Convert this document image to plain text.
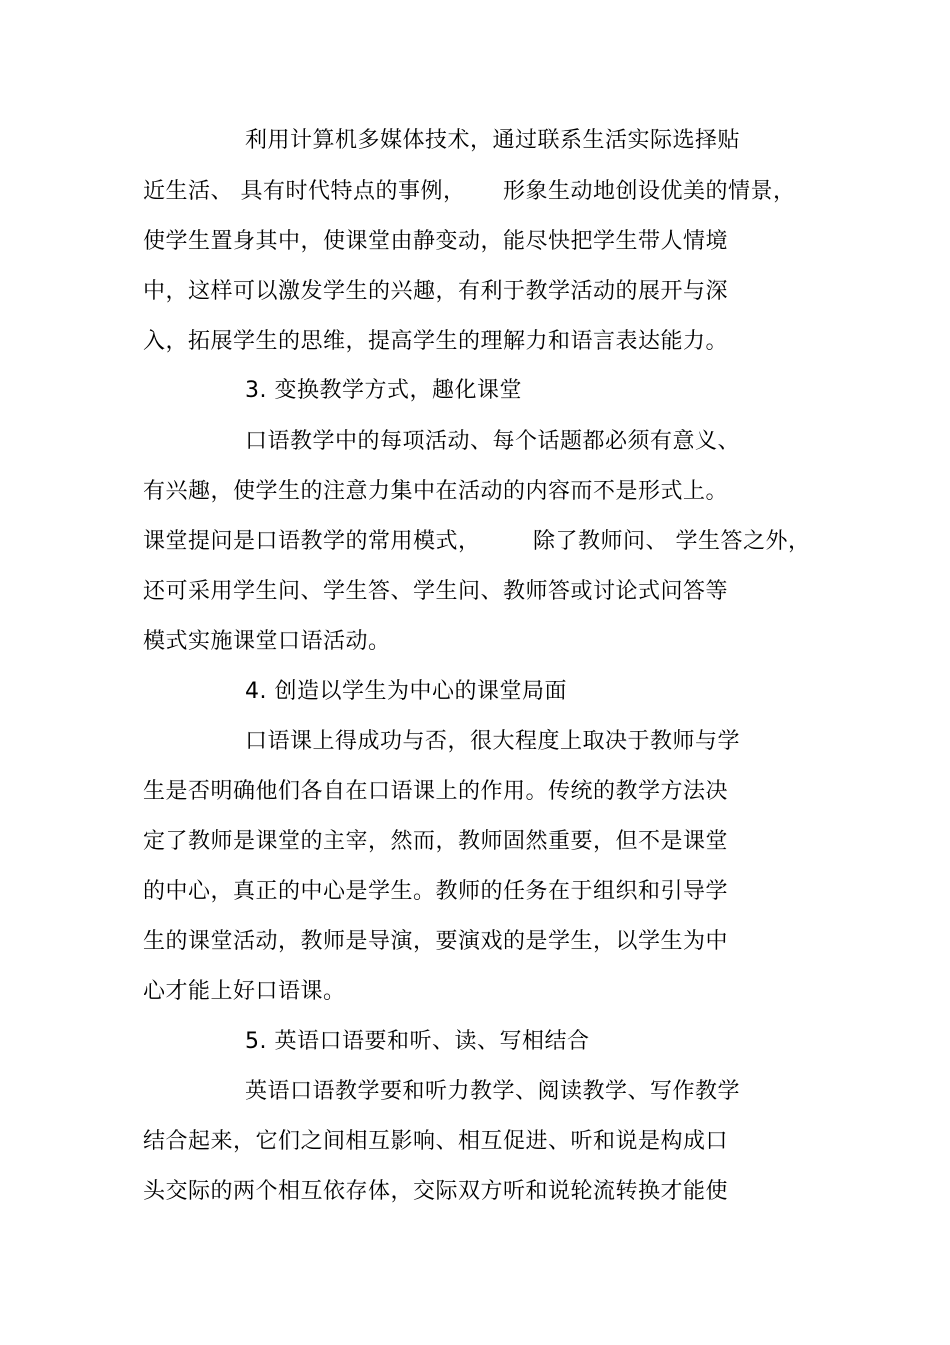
利用计算机多媒体技术，通过联系生活实际选择贴
近生活、 具有时代特点的事例，     形象生动地创设优美的情景，
使学生置身其中，使课堂由静变动，能尽快把学生带人情境
中，这样可以激发学生的兴趣，有利于教学活动的展开与深
入，拓展学生的思维，提高学生的理解力和语言表达能力。
3. 变换教学方式，趣化课堂
口语教学中的每项活动、每个话题都必须有意义、
有兴趣，使学生的注意力集中在活动的内容而不是形式上。
课堂提问是口语教学的常用模式，       除了教师问、 学生答之外，
还可采用学生问、学生答、学生问、教师答或讨论式问答等
模式实施课堂口语活动。
4. 创造以学生为中心的课堂局面
口语课上得成功与否，很大程度上取决于教师与学
生是否明确他们各自在口语课上的作用。传统的教学方法决
定了教师是课堂的主宰，然而，教师固然重要，但不是课堂
的中心，真正的中心是学生。教师的任务在于组织和引导学
生的课堂活动，教师是导演，要演戏的是学生，以学生为中
心才能上好口语课。
5. 英语口语要和听、读、写相结合
英语口语教学要和听力教学、阅读教学、写作教学
结合起来，它们之间相互影响、相互促进、听和说是构成口
头交际的两个相互依存体，交际双方听和说轮流转换才能使
